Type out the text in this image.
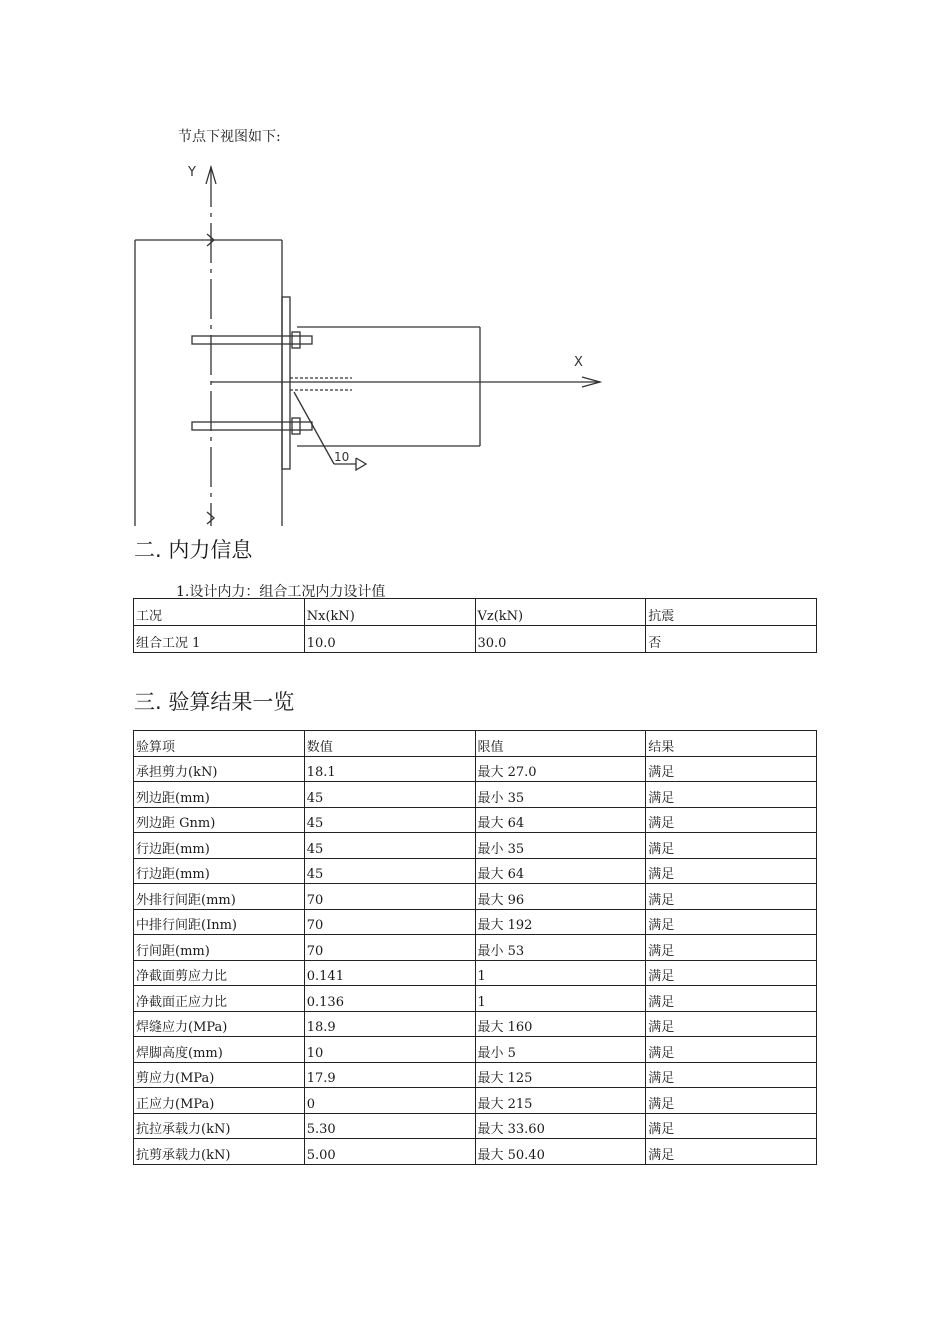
节点下视图如下:
Y
X
10
二. 内力信息
1.设计内力：组合工况内力设计值
工况	Nx(kN)	Vz(kN)	抗震
组合工况 1	10.0	30.0	否
三. 验算结果一览
验算项	数值	限值	结果
承担剪力(kN)	18.1	最大 27.0	满足
列边距(mm)	45	最小 35	满足
列边距 Gnm)	45	最大 64	满足
行边距(mm)	45	最小 35	满足
行边距(mm)	45	最大 64	满足
外排行间距(mm)	70	最大 96	满足
中排行间距(Inm)	70	最大 192	满足
行间距(mm)	70	最小 53	满足
净截面剪应力比	0.141	1	满足
净截面正应力比	0.136	1	满足
焊缝应力(MPa)	18.9	最大 160	满足
焊脚高度(mm)	10	最小 5	满足
剪应力(MPa)	17.9	最大 125	满足
正应力(MPa)	0	最大 215	满足
抗拉承载力(kN)	5.30	最大 33.60	满足
抗剪承载力(kN)	5.00	最大 50.40	满足
